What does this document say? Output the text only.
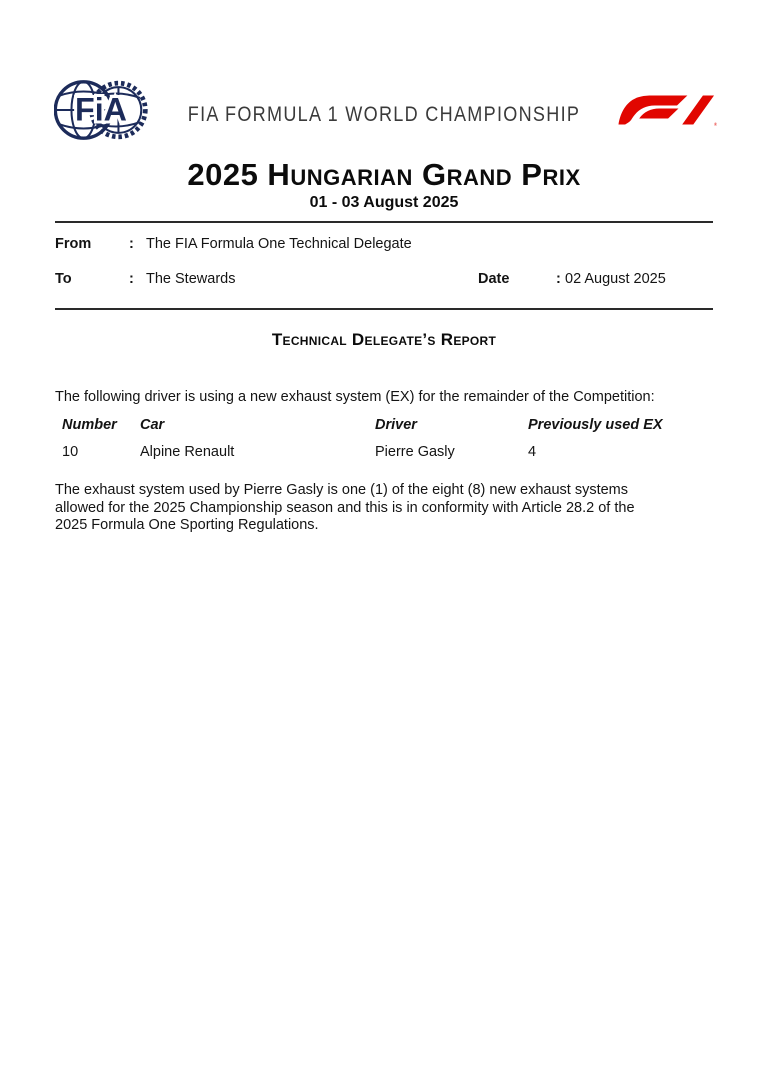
FiA	FIA FORMULA 1 WORLD CHAMPIONSHIP	®
2025 Hungarian Grand Prix
01 - 03 August 2025
From	: The FIA Formula One Technical Delegate
To	: The Stewards	Date	: 02 August 2025
Technical Delegate’s Report
The following driver is using a new exhaust system (EX) for the remainder of the Competition:
Number	Car	Driver	Previously used EX
10	Alpine Renault	Pierre Gasly	4
The exhaust system used by Pierre Gasly is one (1) of the eight (8) new exhaust systems
allowed for the 2025 Championship season and this is in conformity with Article 28.2 of the
2025 Formula One Sporting Regulations.
